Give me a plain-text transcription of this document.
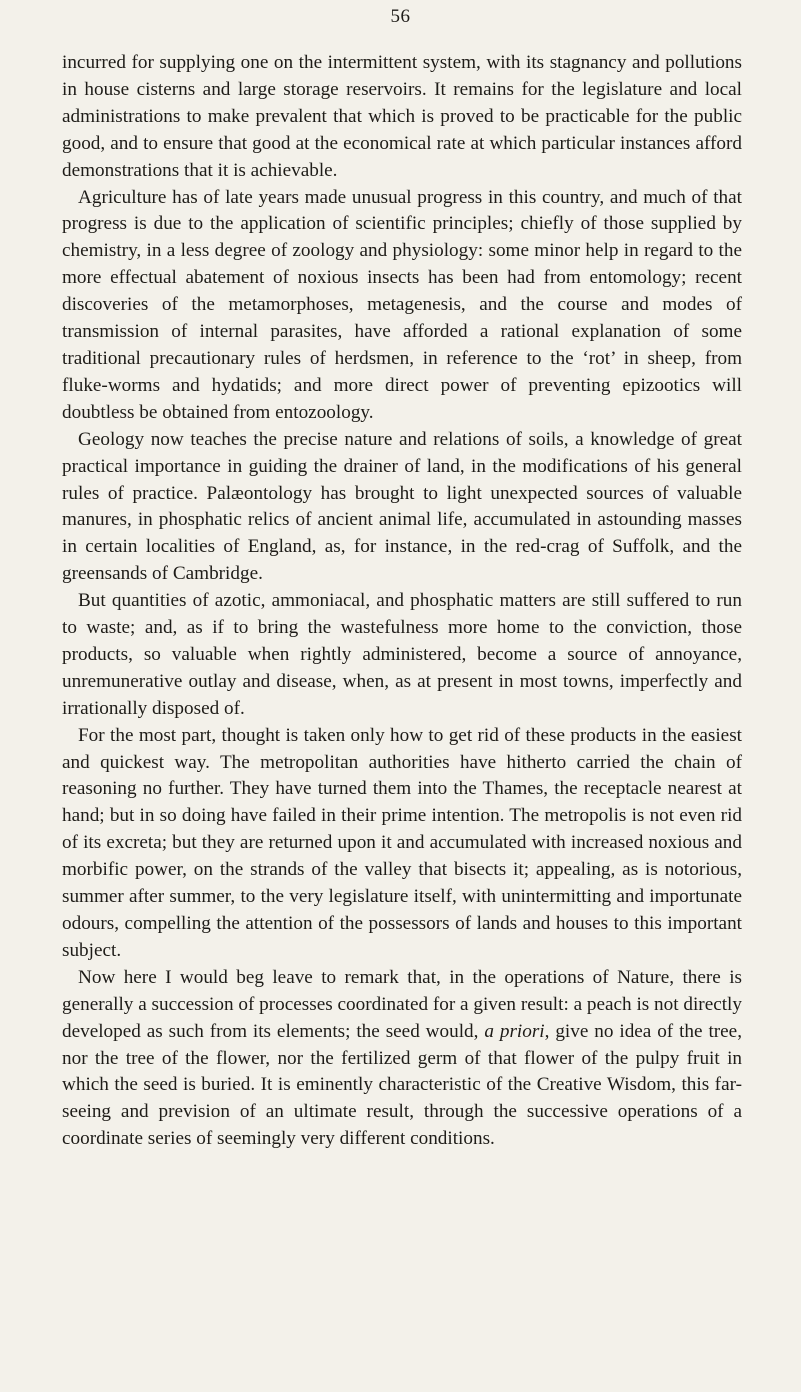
56

incurred for supplying one on the intermittent system, with its stagnancy and pollutions in house cisterns and large storage reservoirs. It remains for the legislature and local administrations to make prevalent that which is proved to be practicable for the public good, and to ensure that good at the economical rate at which particular instances afford demonstrations that it is achievable.

Agriculture has of late years made unusual progress in this country, and much of that progress is due to the application of scientific principles; chiefly of those supplied by chemistry, in a less degree of zoology and physiology: some minor help in regard to the more effectual abatement of noxious insects has been had from entomology; recent discoveries of the metamorphoses, metagenesis, and the course and modes of transmission of internal parasites, have afforded a rational explanation of some traditional precautionary rules of herdsmen, in reference to the ‘rot’ in sheep, from fluke-worms and hydatids; and more direct power of preventing epizootics will doubtless be obtained from entozoology.

Geology now teaches the precise nature and relations of soils, a knowledge of great practical importance in guiding the drainer of land, in the modifications of his general rules of practice. Palæontology has brought to light unexpected sources of valuable manures, in phosphatic relics of ancient animal life, accumulated in astounding masses in certain localities of England, as, for instance, in the red-crag of Suffolk, and the greensands of Cambridge.

But quantities of azotic, ammoniacal, and phosphatic matters are still suffered to run to waste; and, as if to bring the wastefulness more home to the conviction, those products, so valuable when rightly administered, become a source of annoyance, unremunerative outlay and disease, when, as at present in most towns, imperfectly and irrationally disposed of.

For the most part, thought is taken only how to get rid of these products in the easiest and quickest way. The metropolitan authorities have hitherto carried the chain of reasoning no further. They have turned them into the Thames, the receptacle nearest at hand; but in so doing have failed in their prime intention. The metropolis is not even rid of its excreta; but they are returned upon it and accumulated with increased noxious and morbific power, on the strands of the valley that bisects it; appealing, as is notorious, summer after summer, to the very legislature itself, with unintermitting and importunate odours, compelling the attention of the possessors of lands and houses to this important subject.

Now here I would beg leave to remark that, in the operations of Nature, there is generally a succession of processes coordinated for a given result: a peach is not directly developed as such from its elements; the seed would, a priori, give no idea of the tree, nor the tree of the flower, nor the fertilized germ of that flower of the pulpy fruit in which the seed is buried. It is eminently characteristic of the Creative Wisdom, this far-seeing and prevision of an ultimate result, through the successive operations of a coordinate series of seemingly very different conditions.
